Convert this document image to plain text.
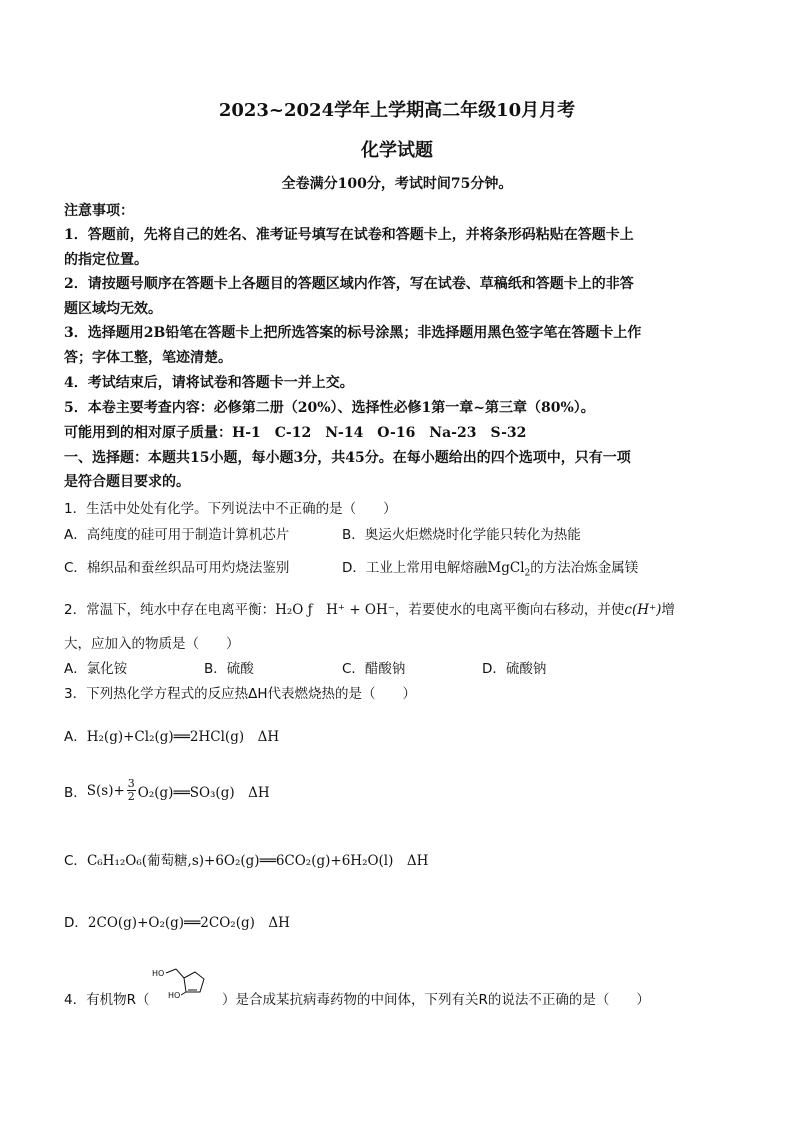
2023~2024学年上学期高二年级10月月考
化学试题
全卷满分100分，考试时间75分钟。
注意事项：
1．答题前，先将自己的姓名、准考证号填写在试卷和答题卡上，并将条形码粘贴在答题卡上
的指定位置。
2．请按题号顺序在答题卡上各题目的答题区域内作答，写在试卷、草稿纸和答题卡上的非答
题区域均无效。
3．选择题用2B铅笔在答题卡上把所选答案的标号涂黑；非选择题用黑色签字笔在答题卡上作
答；字体工整，笔迹清楚。
4．考试结束后，请将试卷和答题卡一并上交。
5．本卷主要考查内容：必修第二册（20%）、选择性必修1第一章~第三章（80%）。
可能用到的相对原子质量：H-1　C-12　N-14　O-16　Na-23　S-32
一、选择题：本题共15小题，每小题3分，共45分。在每小题给出的四个选项中，只有一项
是符合题目要求的。
1．生活中处处有化学。下列说法中不正确的是（　　）
A．高纯度的硅可用于制造计算机芯片	B．奥运火炬燃烧时化学能只转化为热能
C．棉织品和蚕丝织品可用灼烧法鉴别	D．工业上常用电解熔融MgCl$_2$的方法冶炼金属镁
2．常温下，纯水中存在电离平衡：H₂O ƒ　H⁺ + OH⁻，若要使水的电离平衡向右移动，并使c(H⁺)增
大，应加入的物质是（　　）
A．氯化铵	B．硫酸	C．醋酸钠	D．硫酸钠
3．下列热化学方程式的反应热ΔH代表燃烧热的是（　　）
A．H₂(g)+Cl₂(g)══2HCl(g)　ΔH
B． S(s)+ 3
2 O₂(g)══SO₃(g)　ΔH
C．C₆H₁₂O₆(葡萄糖,s)+6O₂(g)══6CO₂(g)+6H₂O(l)　ΔH
D．2CO(g)+O₂(g)══2CO₂(g)　ΔH
4．有机物R（
HO
HO	）是合成某抗病毒药物的中间体，下列有关R的说法不正确的是（　　）
